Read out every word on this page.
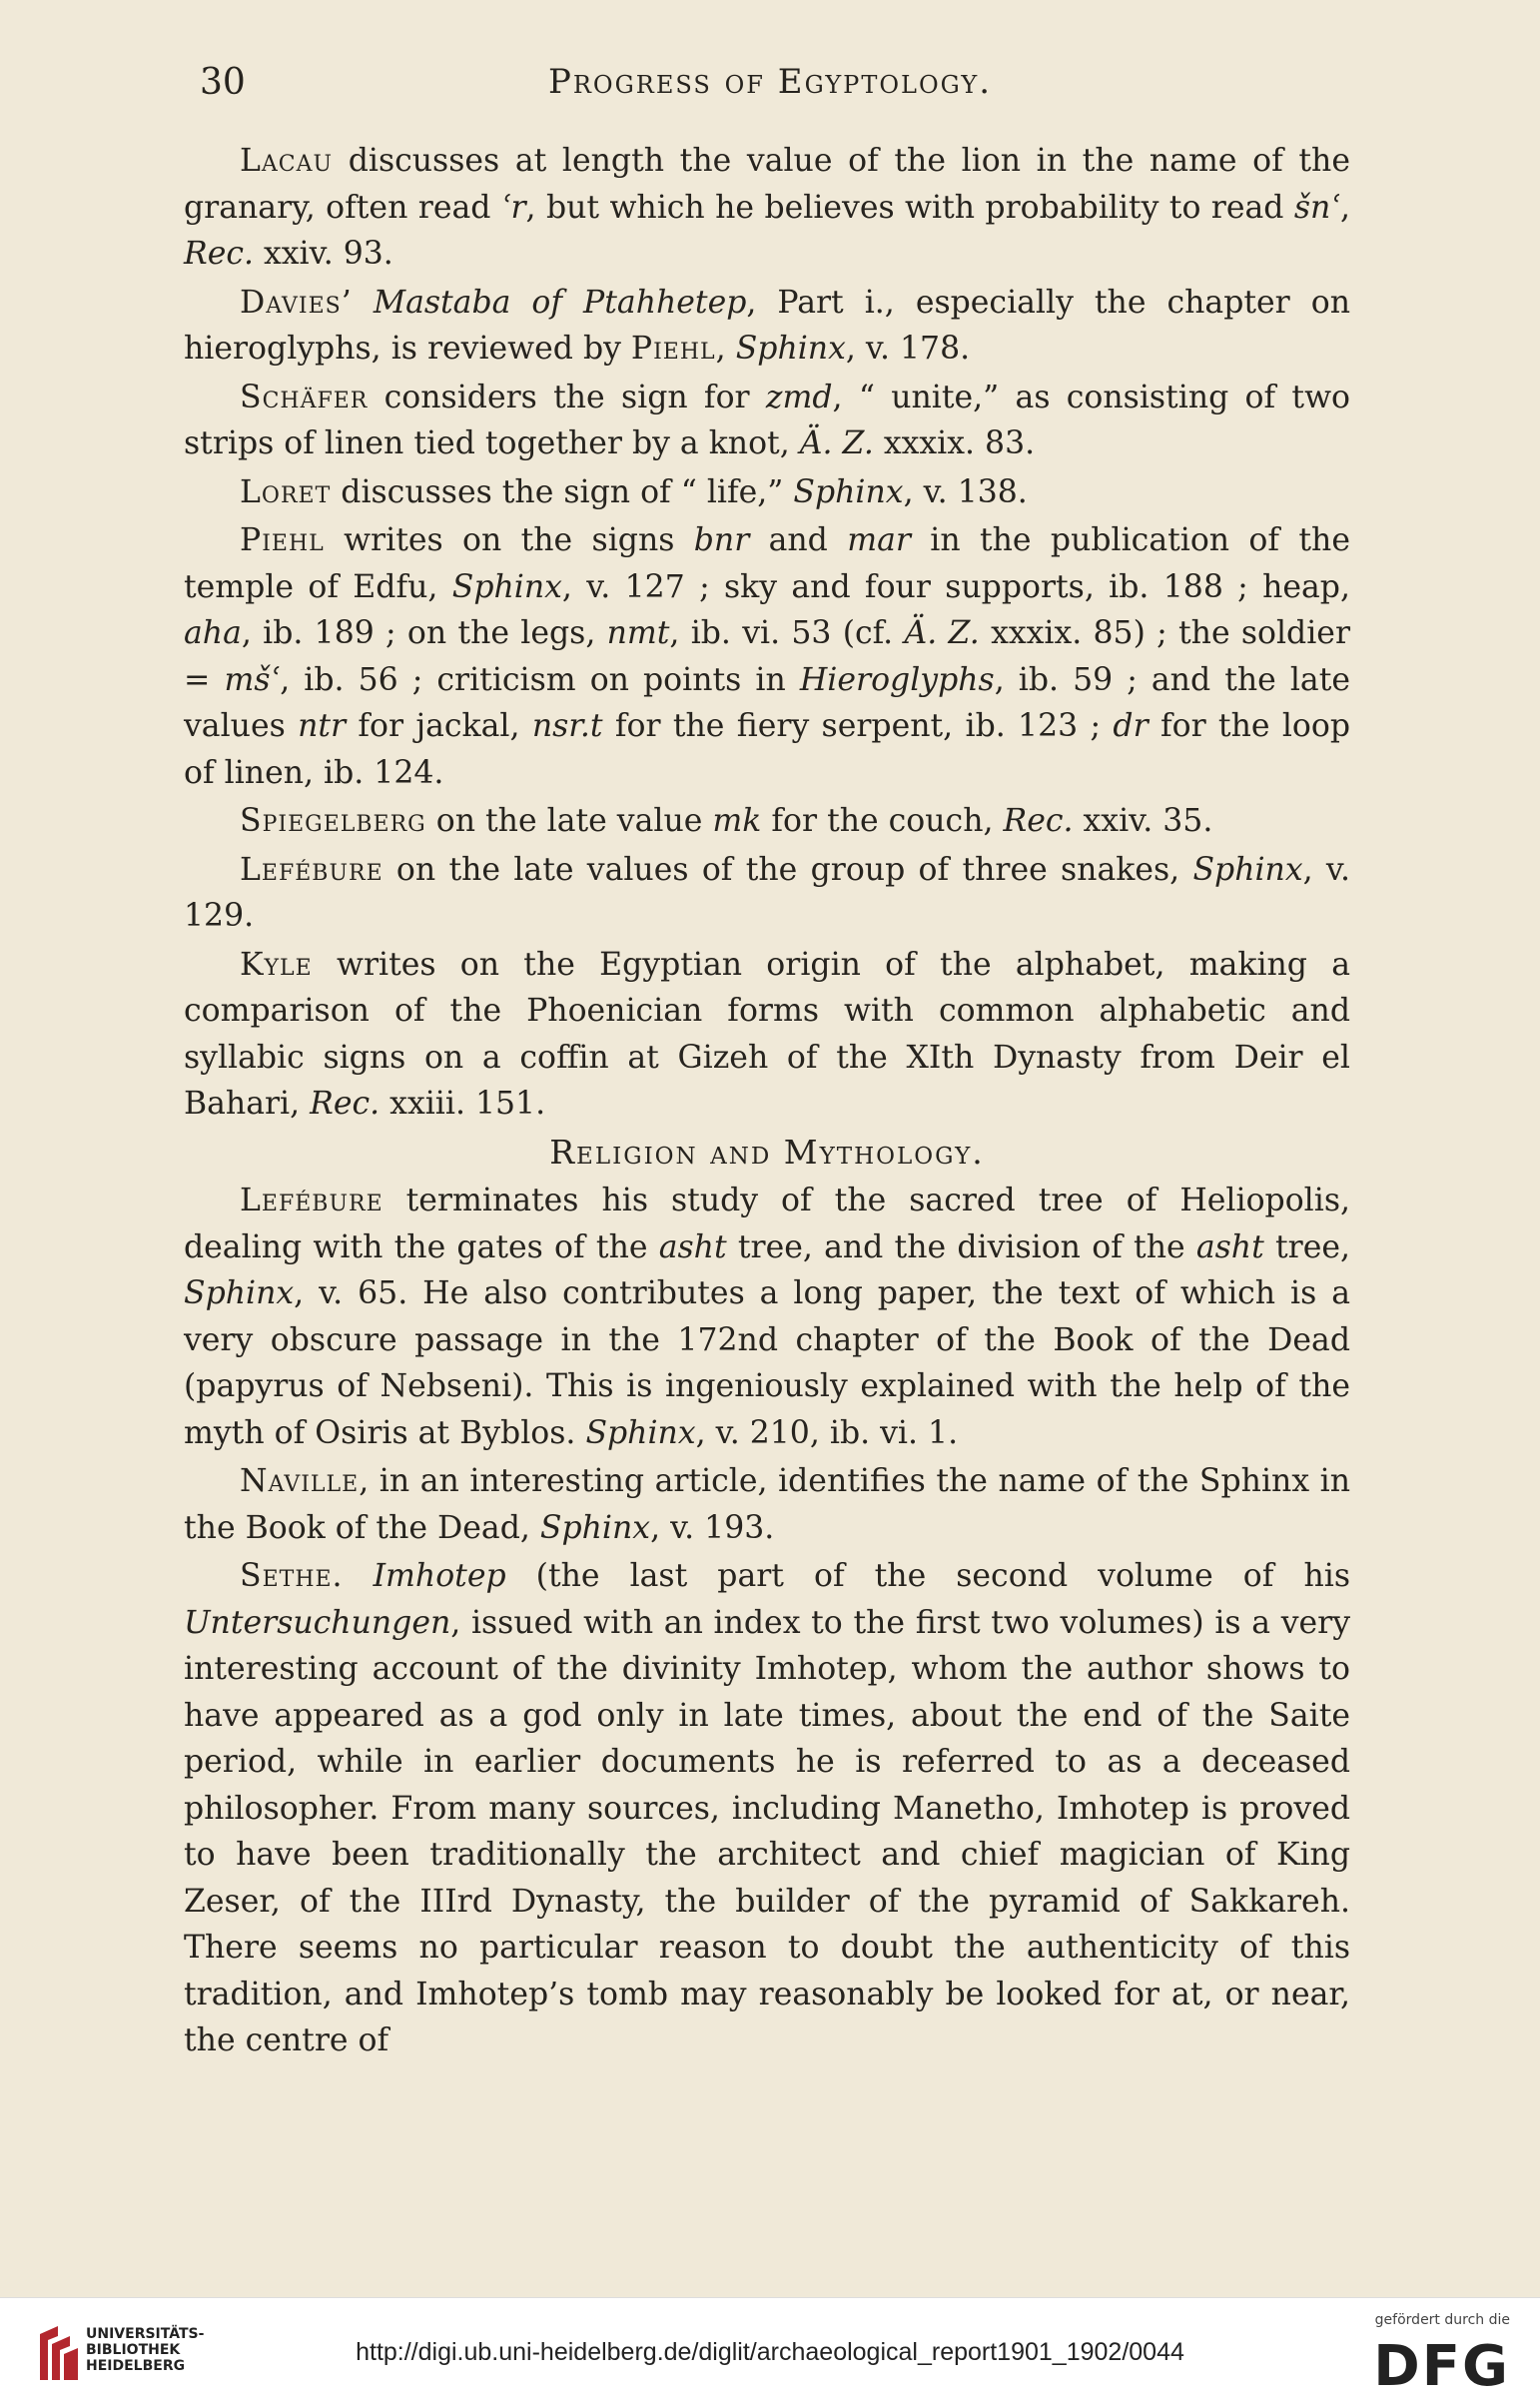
30	Progress of Egyptology.

Lacau discusses at length the value of the lion in the name of the granary, often read ʿr, but which he believes with probability to read šnʿ, Rec. xxiv. 93.

Davies’ Mastaba of Ptahhetep, Part i., especially the chapter on hieroglyphs, is reviewed by Piehl, Sphinx, v. 178.

Schäfer considers the sign for zmd, “ unite,” as consisting of two strips of linen tied together by a knot, Ä. Z. xxxix. 83.

Loret discusses the sign of “ life,” Sphinx, v. 138.

Piehl writes on the signs bnr and mar in the publication of the temple of Edfu, Sphinx, v. 127 ; sky and four supports, ib. 188 ; heap, aha, ib. 189 ; on the legs, nmt, ib. vi. 53 (cf. Ä. Z. xxxix. 85) ; the soldier = mšʿ, ib. 56 ; criticism on points in Hieroglyphs, ib. 59 ; and the late values ntr for jackal, nsr.t for the fiery serpent, ib. 123 ; dr for the loop of linen, ib. 124.

Spiegelberg on the late value mk for the couch, Rec. xxiv. 35.

Lefébure on the late values of the group of three snakes, Sphinx, v. 129.

Kyle writes on the Egyptian origin of the alphabet, making a comparison of the Phoenician forms with common alphabetic and syllabic signs on a coffin at Gizeh of the XIth Dynasty from Deir el Bahari, Rec. xxiii. 151.

Religion and Mythology.

Lefébure terminates his study of the sacred tree of Heliopolis, dealing with the gates of the asht tree, and the division of the asht tree, Sphinx, v. 65. He also contributes a long paper, the text of which is a very obscure passage in the 172nd chapter of the Book of the Dead (papyrus of Nebseni). This is ingeniously explained with the help of the myth of Osiris at Byblos. Sphinx, v. 210, ib. vi. 1.

Naville, in an interesting article, identifies the name of the Sphinx in the Book of the Dead, Sphinx, v. 193.

Sethe. Imhotep (the last part of the second volume of his Untersuchungen, issued with an index to the first two volumes) is a very interesting account of the divinity Imhotep, whom the author shows to have appeared as a god only in late times, about the end of the Saite period, while in earlier documents he is referred to as a deceased philosopher. From many sources, including Manetho, Imhotep is proved to have been traditionally the architect and chief magician of King Zeser, of the IIIrd Dynasty, the builder of the pyramid of Sakkareh. There seems no particular reason to doubt the authenticity of this tradition, and Imhotep’s tomb may reasonably be looked for at, or near, the centre of

UNIVERSITÄTS-
BIBLIOTHEK
HEIDELBERG	http://digi.ub.uni-heidelberg.de/diglit/archaeological_report1901_1902/0044
gefördert durch die
DFG
